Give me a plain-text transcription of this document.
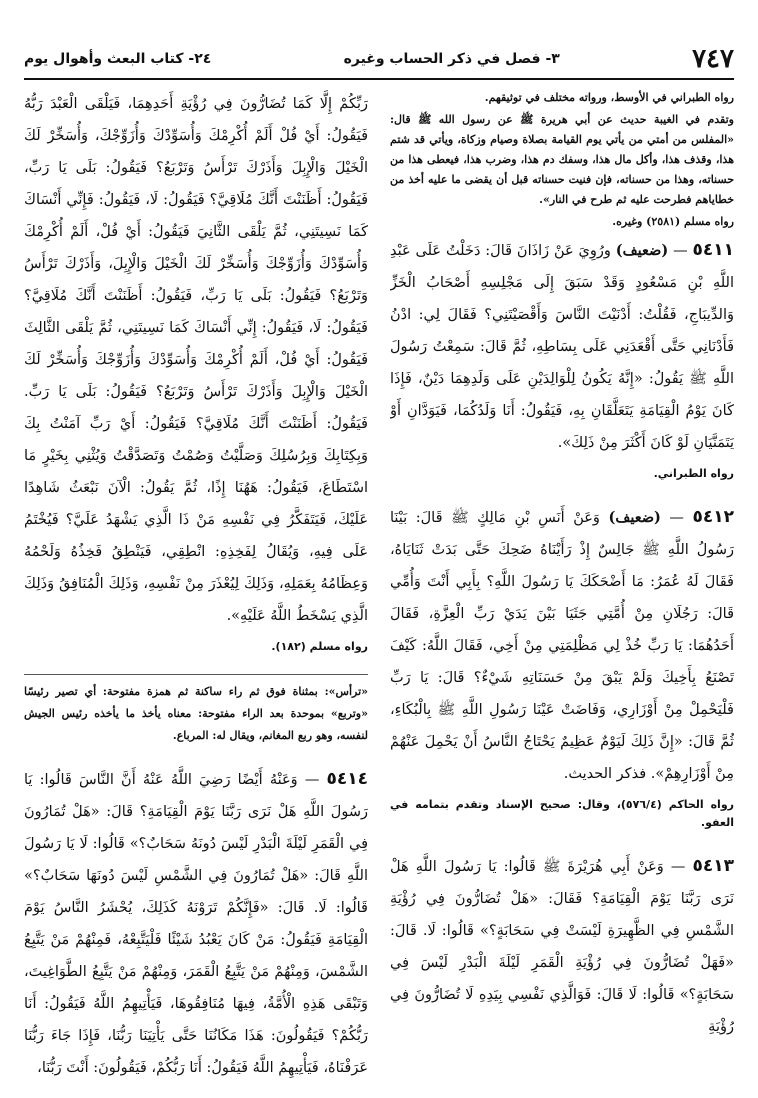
٧٤٧
٣- فصل في ذكر الحساب وغيره
٢٤- كتاب البعث وأهوال يوم

رواه الطبراني في الأوسط، ورواته مختلف في توثيقهم.

وتقدم في الغيبة حديث عن أبي هريرة ﷺ عن رسول الله ﷺ قال: «المفلس من أمتي من يأتي يوم القيامة بصلاة وصيام وزكاة، ويأتي قد شتم هذا، وقذف هذا، وأكل مال هذا، وسفك دم هذا، وضرب هذا، فيعطى هذا من حسناته، وهذا من حسناته، فإن فنيت حسناته قبل أن يقضى ما عليه أخذ من خطاياهم فطرحت عليه ثم طرح في النار».

رواه مسلم (٢٥٨١) وغيره.

٥٤١١ — (ضعيف) ورُوِيَ عَنْ زَاذَانَ قَالَ: دَخَلْتُ عَلَى عَبْدِ اللَّهِ بْنِ مَسْعُودٍ وَقَدْ سَبَقَ إِلَى مَجْلِسِهِ أَصْحَابُ الْخَزِّ وَالدِّيبَاجِ، فَقُلْتُ: أَدْنَيْتَ النَّاسَ وَأَقْصَيْتَنِي؟ فَقَالَ لِي: ادْنُ فَأَدْنَانِي حَتَّى أَقْعَدَنِي عَلَى بِسَاطِهِ، ثُمَّ قَالَ: سَمِعْتُ رَسُولَ اللَّهِ ﷺ يَقُولُ: «إِنَّهُ يَكُونُ لِلْوَالِدَيْنِ عَلَى وَلَدِهِمَا دَيْنٌ، فَإِذَا كَانَ يَوْمُ الْقِيَامَةِ يَتَعَلَّقَانِ بِهِ، فَيَقُولُ: أَنَا وَلَدُكُمَا، فَيَوَدَّانِ أَوْ يَتَمَنَّيَانِ لَوْ كَانَ أَكْثَرَ مِنْ ذَلِكَ».

رواه الطبراني.

٥٤١٢ — (ضعيف) وَعَنْ أَنَسِ بْنِ مَالِكٍ ﷺ قَالَ: بَيْنَا رَسُولُ اللَّهِ ﷺ جَالِسٌ إِذْ رَأَيْنَاهُ ضَحِكَ حَتَّى بَدَتْ ثَنَايَاهُ، فَقَالَ لَهُ عُمَرُ: مَا أَضْحَكَكَ يَا رَسُولَ اللَّهِ؟ بِأَبِي أَنْتَ وَأُمِّي قَالَ: رَجُلَانِ مِنْ أُمَّتِي جَثَيَا بَيْنَ يَدَيْ رَبِّ الْعِزَّةِ، فَقَالَ أَحَدُهُمَا: يَا رَبِّ خُذْ لِي مَظْلِمَتِي مِنْ أَخِي، فَقَالَ اللَّهُ: كَيْفَ تَصْنَعُ بِأَخِيكَ وَلَمْ يَبْقَ مِنْ حَسَنَاتِهِ شَيْءٌ؟ قَالَ: يَا رَبِّ فَلْيَحْمِلْ مِنْ أَوْزَارِي، وَفَاضَتْ عَيْنَا رَسُولِ اللَّهِ ﷺ بِالْبُكَاءِ، ثُمَّ قَالَ: «إِنَّ ذَلِكَ لَيَوْمٌ عَظِيمٌ يَحْتَاجُ النَّاسُ أَنْ يَحْمِلَ عَنْهُمْ مِنْ أَوْزَارِهِمْ». فذكر الحديث.

رواه الحاكم (٥٧٦/٤)، وقال: صحيح الإسناد وتقدم بتمامه في العفو.

٥٤١٣ — وَعَنْ أَبِي هُرَيْرَةَ ﷺ قَالُوا: يَا رَسُولَ اللَّهِ هَلْ نَرَى رَبَّنَا يَوْمَ الْقِيَامَةِ؟ فَقَالَ: «هَلْ تُضَارُّونَ فِي رُؤْيَةِ الشَّمْسِ فِي الظَّهِيرَةِ لَيْسَتْ فِي سَحَابَةٍ؟» قَالُوا: لَا. قَالَ: «فَهَلْ تُضَارُّونَ فِي رُؤْيَةِ الْقَمَرِ لَيْلَةَ الْبَدْرِ لَيْسَ فِي سَحَابَةٍ؟» قَالُوا: لَا قَالَ: فَوَالَّذِي نَفْسِي بِيَدِهِ لَا تُضَارُّونَ فِي رُؤْيَةِ

رَبِّكُمْ إِلَّا كَمَا تُضَارُّونَ فِي رُؤْيَةِ أَحَدِهِمَا، فَيَلْقَى الْعَبْدَ رَبُّهُ فَيَقُولُ: أَيْ فُلْ أَلَمْ أُكْرِمْكَ وَأُسَوِّدْكَ وَأُزَوِّجْكَ، وَأُسَخِّرْ لَكَ الْخَيْلَ وَالْإِبِلَ وَأَذَرْكَ تَرْأَسُ وَتَرْبَعُ؟ فَيَقُولُ: بَلَى يَا رَبِّ، فَيَقُولُ: أَظَنَنْتَ أَنَّكَ مُلَاقِيَّ؟ فَيَقُولُ: لَا، فَيَقُولُ: فَإِنِّي أَنْسَاكَ كَمَا نَسِيتَنِي، ثُمَّ يَلْقَى الثَّانِيَ فَيَقُولُ: أَيْ فُلْ، أَلَمْ أُكْرِمْكَ وَأُسَوِّدْكَ وَأُزَوِّجْكَ وَأُسَخِّرْ لَكَ الْخَيْلَ وَالْإِبِلَ، وَأَذَرْكَ تَرْأَسُ وَتَرْبَعُ؟ فَيَقُولُ: بَلَى يَا رَبِّ، فَيَقُولُ: أَظَنَنْتَ أَنَّكَ مُلَاقِيَّ؟ فَيَقُولُ: لَا، فَيَقُولُ: إِنِّي أَنْسَاكَ كَمَا نَسِيتَنِي، ثُمَّ يَلْقَى الثَّالِثَ فَيَقُولُ: أَيْ فُلْ، أَلَمْ أُكْرِمْكَ وَأُسَوِّدْكَ وَأُزَوِّجْكَ وَأُسَخِّرْ لَكَ الْخَيْلَ وَالْإِبِلَ وَأَذَرْكَ تَرْأَسُ وَتَرْبَعُ؟ فَيَقُولُ: بَلَى يَا رَبِّ. فَيَقُولُ: أَظَنَنْتَ أَنَّكَ مُلَاقِيَّ؟ فَيَقُولُ: أَيْ رَبِّ آمَنْتُ بِكَ وَبِكِتَابِكَ وَبِرُسُلِكَ وَصَلَّيْتُ وَصُمْتُ وَتَصَدَّقْتُ وَيُثْنِي بِخَيْرٍ مَا اسْتَطَاعَ، فَيَقُولُ: هَهُنَا إِذًا، ثُمَّ يَقُولُ: الْآنَ نَبْعَثُ شَاهِدًا عَلَيْكَ، فَيَتَفَكَّرُ فِي نَفْسِهِ مَنْ ذَا الَّذِي يَشْهَدُ عَلَيَّ؟ فَيُخْتَمُ عَلَى فِيهِ، وَيُقَالُ لِفَخِذِهِ: انْطِقِي، فَيَنْطِقُ فَخِذُهُ وَلَحْمُهُ وَعِظَامُهُ بِعَمَلِهِ، وَذَلِكَ لِيُعْذَرَ مِنْ نَفْسِهِ، وَذَلِكَ الْمُنَافِقُ وَذَلِكَ الَّذِي يَسْخَطُ اللَّهُ عَلَيْهِ».

رواه مسلم (١٨٢).

«ترأس»: بمثناة فوق ثم راء ساكنة ثم همزة مفتوحة: أي تصير رئيسًا «وتربع» بموحدة بعد الراء مفتوحة: معناه يأخذ ما يأخذه رئيس الجيش لنفسه، وهو ربع المغانم، ويقال له: المرباع.

٥٤١٤ — وَعَنْهُ أَيْضًا رَضِيَ اللَّهُ عَنْهُ أَنَّ النَّاسَ قَالُوا: يَا رَسُولَ اللَّهِ هَلْ نَرَى رَبَّنَا يَوْمَ الْقِيَامَةِ؟ قَالَ: «هَلْ تُمَارُونَ فِي الْقَمَرِ لَيْلَةَ الْبَدْرِ لَيْسَ دُونَهُ سَحَابٌ؟» قَالُوا: لَا يَا رَسُولَ اللَّهِ قَالَ: «هَلْ تُمَارُونَ فِي الشَّمْسِ لَيْسَ دُونَهَا سَحَابٌ؟» قَالُوا: لَا. قَالَ: «فَإِنَّكُمْ تَرَوْنَهُ كَذَلِكَ، يُحْشَرُ النَّاسُ يَوْمَ الْقِيَامَةِ فَيَقُولُ: مَنْ كَانَ يَعْبُدُ شَيْئًا فَلْيَتَّبِعْهُ، فَمِنْهُمْ مَنْ يَتَّبِعُ الشَّمْسَ، وَمِنْهُمْ مَنْ يَتَّبِعُ الْقَمَرَ، وَمِنْهُمْ مَنْ يَتَّبِعُ الطَّوَاغِيتَ، وَتَبْقَى هَذِهِ الْأُمَّةُ، فِيهَا مُنَافِقُوهَا، فَيَأْتِيهِمُ اللَّهُ فَيَقُولُ: أَنَا رَبُّكُمْ؟ فَيَقُولُونَ: هَذَا مَكَانُنَا حَتَّى يَأْتِيَنَا رَبُّنَا، فَإِذَا جَاءَ رَبُّنَا عَرَفْنَاهُ، فَيَأْتِيهِمُ اللَّهُ فَيَقُولُ: أَنَا رَبُّكُمْ، فَيَقُولُونَ: أَنْتَ رَبُّنَا،
